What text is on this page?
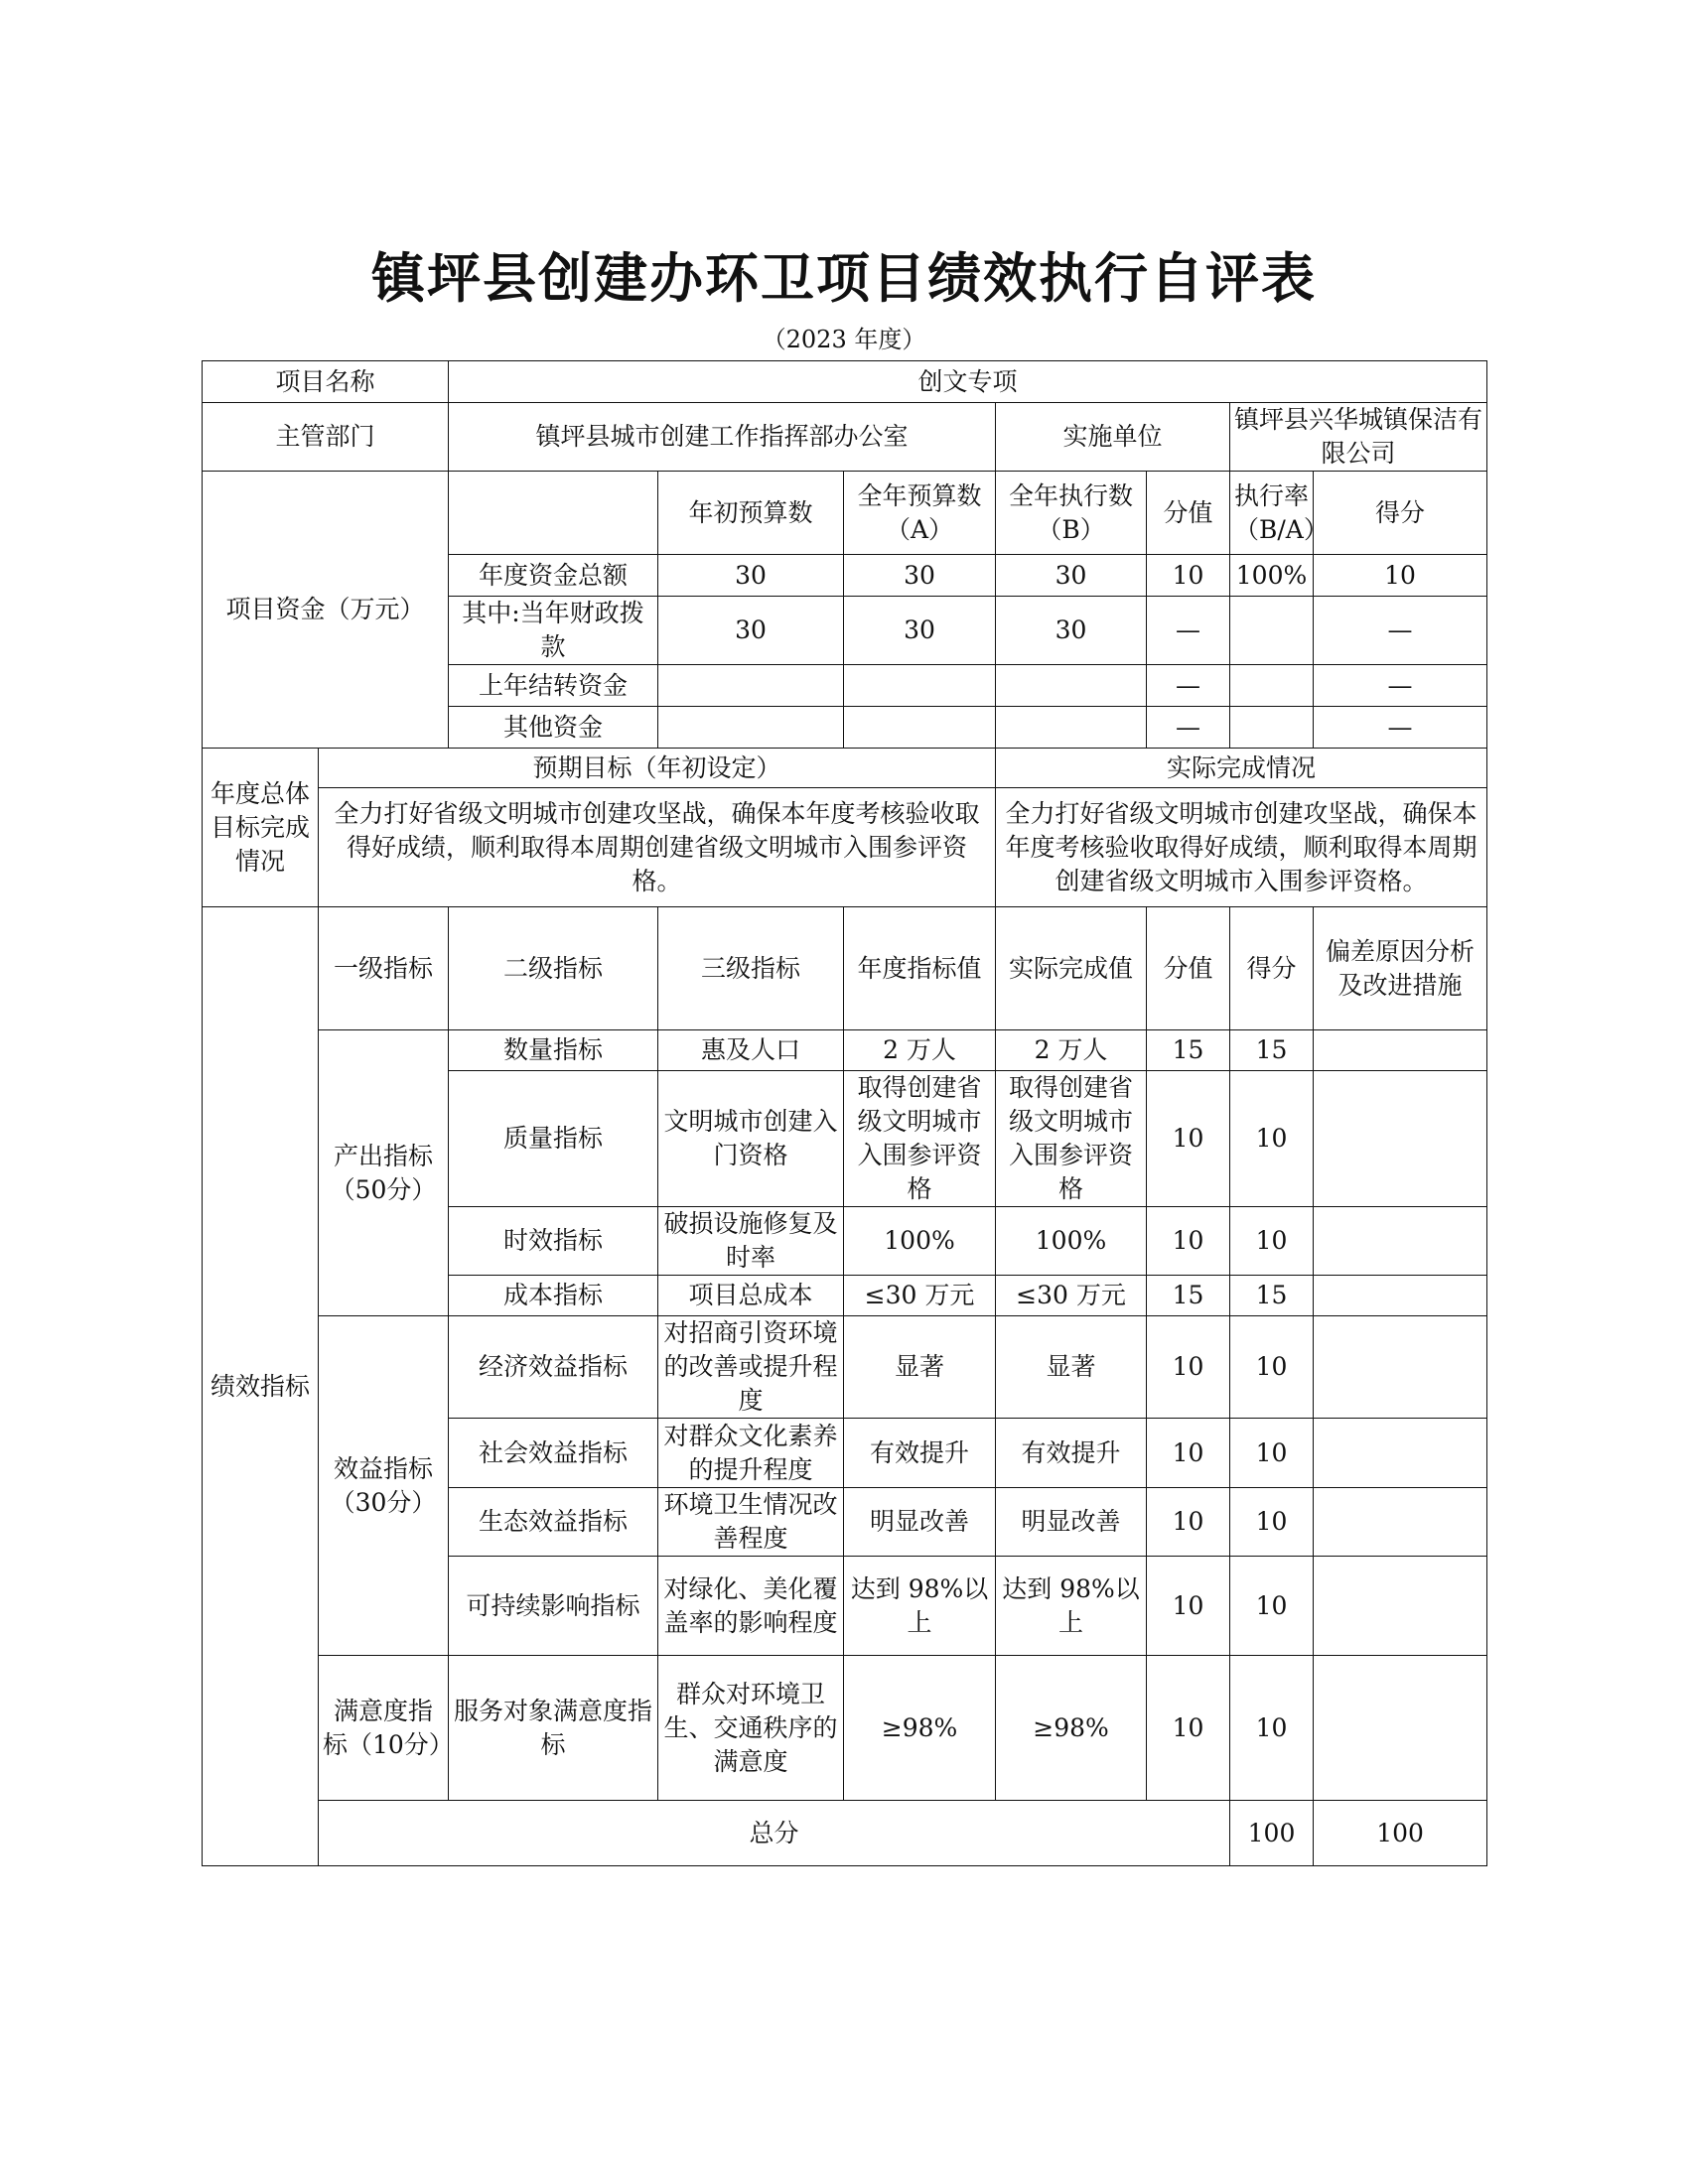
镇坪县创建办环卫项目绩效执行自评表
（2023 年度）
项目名称		创文专项							
主管部门		镇坪县城市创建工作指挥部办公室			实施单位		镇坪县兴华城镇保洁有限公司		
项目资金（万元）			年初预算数	全年预算数（A）	全年执行数（B）	分值	执行率（B/A）	得分	
		年度资金总额	30	30	30	10	100%	10	
		其中:当年财政拨款	30	30	30	—		—	
		上年结转资金				—		—	
		其他资金				—		—	
年度总体目标完成情况	预期目标（年初设定）				实际完成情况				
	全力打好省级文明城市创建攻坚战，确保本年度考核验收取得好成绩，顺利取得本周期创建省级文明城市入围参评资格。				全力打好省级文明城市创建攻坚战，确保本年度考核验收取得好成绩，顺利取得本周期创建省级文明城市入围参评资格。				
绩效指标	一级指标	二级指标	三级指标	年度指标值	实际完成值	分值	得分	偏差原因分析及改进措施	
	产出指标（50分）	数量指标	惠及人口	2 万人	2 万人	15	15		
		质量指标	文明城市创建入门资格	取得创建省级文明城市入围参评资格	取得创建省级文明城市入围参评资格	10	10		
		时效指标	破损设施修复及时率	100%	100%	10	10		
		成本指标	项目总成本	≤30 万元	≤30 万元	15	15		
	效益指标（30分）	经济效益指标	对招商引资环境的改善或提升程度	显著	显著	10	10		
		社会效益指标	对群众文化素养的提升程度	有效提升	有效提升	10	10		
		生态效益指标	环境卫生情况改善程度	明显改善	明显改善	10	10		
		可持续影响指标	对绿化、美化覆盖率的影响程度	达到 98%以上	达到 98%以上	10	10		
	满意度指标（10分）	服务对象满意度指标	群众对环境卫生、交通秩序的满意度	≥98%	≥98%	10	10		
	总分						100	100	
